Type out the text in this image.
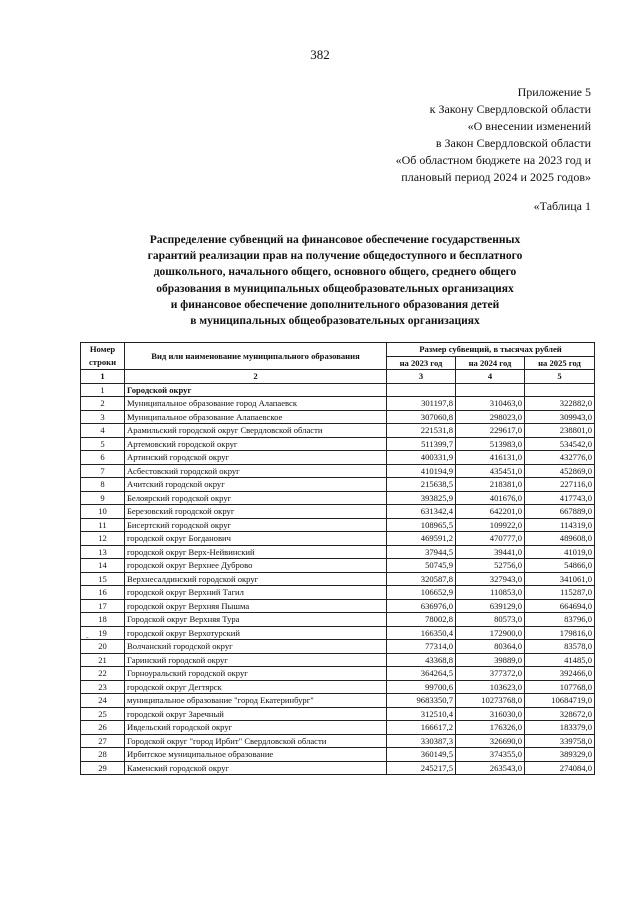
382
Приложение 5
к Закону Свердловской области
«О внесении изменений
в Закон Свердловской области
«Об областном бюджете на 2023 год и
плановый период 2024 и 2025 годов»
«Таблица 1
Распределение субвенций на финансовое обеспечение государственных
гарантий реализации прав на получение общедоступного и бесплатного
дошкольного, начального общего, основного общего, среднего общего
образования в муниципальных общеобразовательных организациях
и финансовое обеспечение дополнительного образования детей
в муниципальных общеобразовательных организациях
Номер строки	Вид или наименование муниципального образования	Размер субвенций, в тысячах рублей		
		на 2023 год	на 2024 год	на 2025 год
1	2	3	4	5
1	Городской округ			
2	Муниципальное образование город Алапаевск	301197,8	310463,0	322882,0
3	Муниципальное образование Алапаевское	307060,8	298023,0	309943,0
4	Арамильский городской округ Свердловской области	221531,8	229617,0	238801,0
5	Артемовский городской округ	511399,7	513983,0	534542,0
6	Артинский городской округ	400331,9	416131,0	432776,0
7	Асбестовский городской округ	410194,9	435451,0	452869,0
8	Ачитский городской округ	215638,5	218381,0	227116,0
9	Белоярский городской округ	393825,9	401676,0	417743,0
10	Березовский городской округ	631342,4	642201,0	667889,0
11	Бисертский городской округ	108965,5	109922,0	114319,0
12	городской округ Богданович	469591,2	470777,0	489608,0
13	городской округ Верх-Нейвинский	37944,5	39441,0	41019,0
14	городской округ Верхнее Дуброво	50745,9	52756,0	54866,0
15	Верхнесалдинский городской округ	320587,8	327943,0	341061,0
16	городской округ Верхний Тагил	106652,9	110853,0	115287,0
17	городской округ Верхняя Пышма	636976,0	639129,0	664694,0
18	Городской округ Верхняя Тура	78002,8	80573,0	83796,0
19	городской округ Верхотурский	166350,4	172900,0	179816,0
20	Волчанский городской округ	77314,0	80364,0	83578,0
21	Гаринский городской округ	43368,8	39889,0	41485,0
22	Горноуральский городской округ	364264,5	377372,0	392466,0
23	городской округ Дегтярск	99700,6	103623,0	107768,0
24	муниципальное образование "город Екатеринбург"	9683350,7	10273768,0	10684719,0
25	городской округ Заречный	312510,4	316030,0	328672,0
26	Ивдельский городской округ	166617,2	176326,0	183379,0
27	Городской округ "город Ирбит" Свердловской области	330387,3	326690,0	339758,0
28	Ирбитское муниципальное образование	360149,5	374355,0	389329,0
29	Каменский городской округ	245217,5	263543,0	274084,0
-
